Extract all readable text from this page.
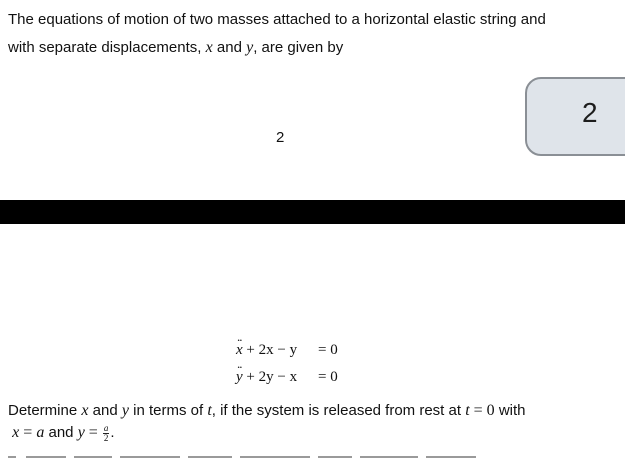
The equations of motion of two masses attached to a horizontal elastic string and
with separate displacements, x and y, are given by
2
2
.. x + 2x − y = 0
.. y + 2y − x = 0
Determine x and y in terms of t, if the system is released from rest at t = 0 with
x = a and $y = \frac{a}{2}$ .
